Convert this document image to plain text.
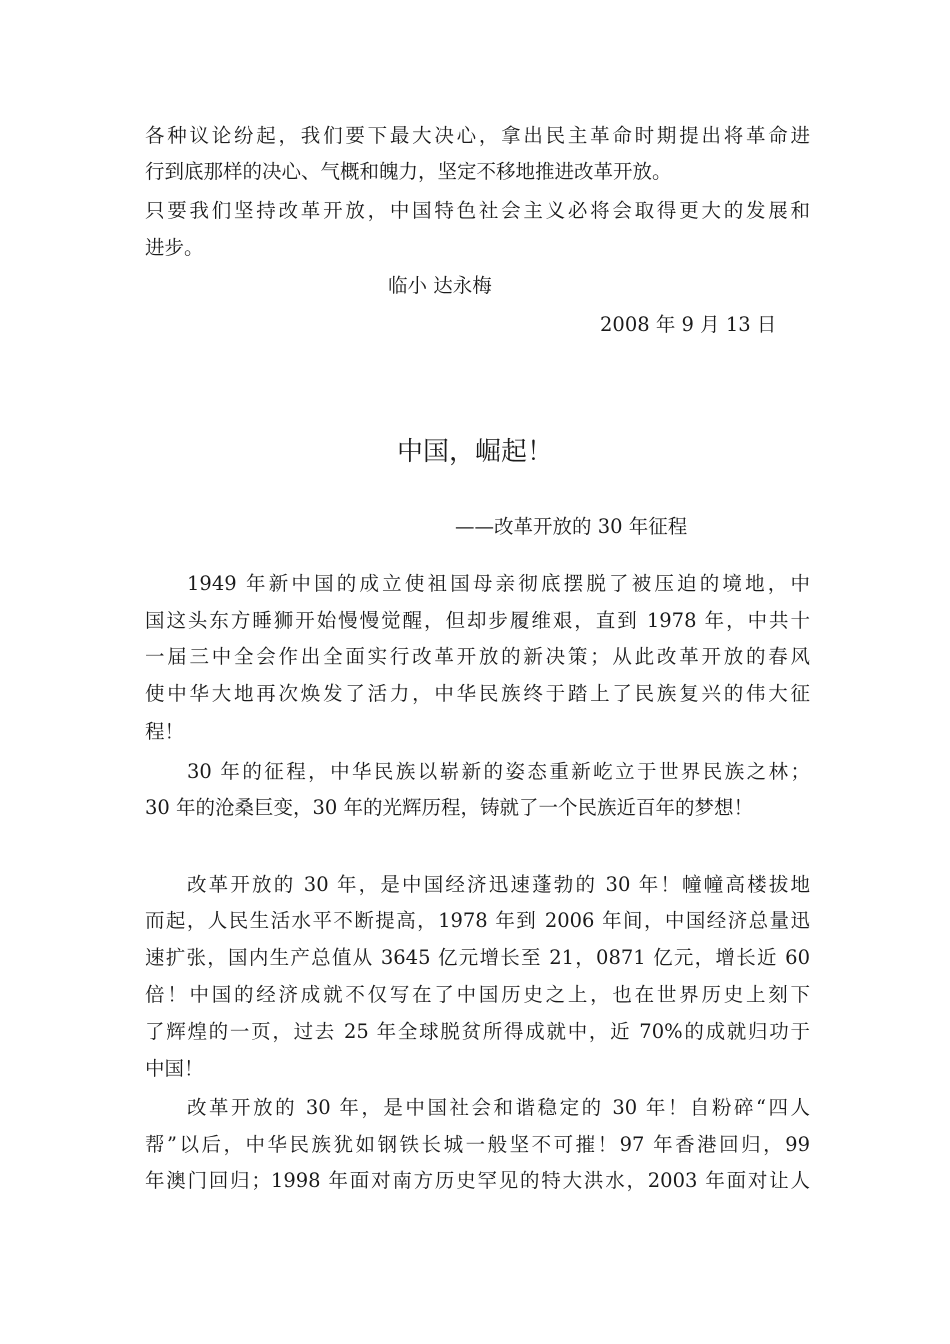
各种议论纷起，我们要下最大决心，拿出民主革命时期提出将革命进
行到底那样的决心、气概和魄力，坚定不移地推进改革开放。
只要我们坚持改革开放，中国特色社会主义必将会取得更大的发展和
进步。
临小 达永梅
2008 年 9 月 13 日
中国，崛起！
——改革开放的 30 年征程
1949 年新中国的成立使祖国母亲彻底摆脱了被压迫的境地，中
国这头东方睡狮开始慢慢觉醒，但却步履维艰，直到 1978 年，中共十
一届三中全会作出全面实行改革开放的新决策；从此改革开放的春风
使中华大地再次焕发了活力，中华民族终于踏上了民族复兴的伟大征
程！
30 年的征程，中华民族以崭新的姿态重新屹立于世界民族之林；
30 年的沧桑巨变，30 年的光辉历程，铸就了一个民族近百年的梦想！
改革开放的 30 年，是中国经济迅速蓬勃的 30 年！幢幢高楼拔地
而起，人民生活水平不断提高，1978 年到 2006 年间，中国经济总量迅
速扩张，国内生产总值从 3645 亿元增长至 21，0871 亿元，增长近 60
倍！中国的经济成就不仅写在了中国历史之上，也在世界历史上刻下
了辉煌的一页，过去 25 年全球脱贫所得成就中，近 70%的成就归功于
中国！
改革开放的 30 年，是中国社会和谐稳定的 30 年！自粉碎“四人
帮”以后，中华民族犹如钢铁长城一般坚不可摧！97 年香港回归，99
年澳门回归；1998 年面对南方历史罕见的特大洪水，2003 年面对让人
